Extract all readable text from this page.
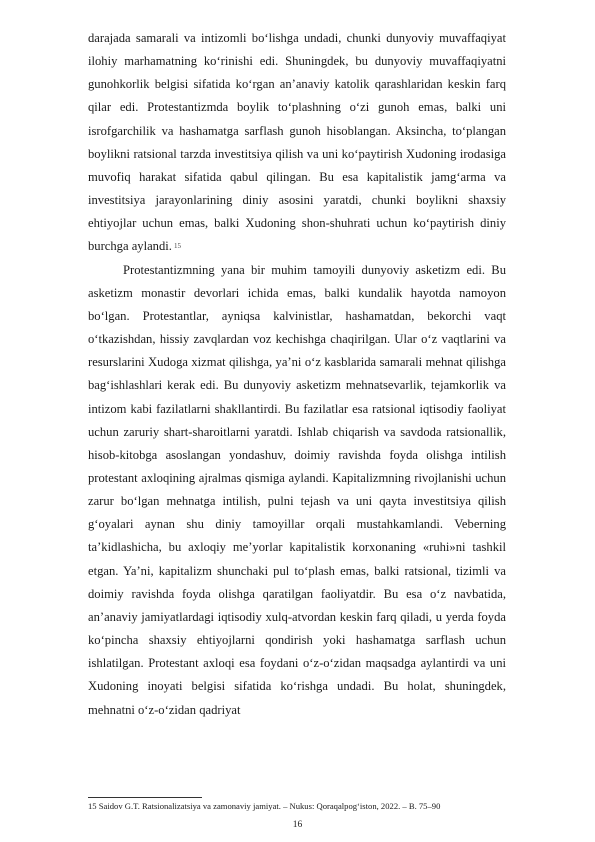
darajada samarali va intizomli bo‘lishga undadi, chunki dunyoviy muvaffaqiyat ilohiy marhamatning ko‘rinishi edi. Shuningdek, bu dunyoviy muvaffaqiyatni gunohkorlik belgisi sifatida ko‘rgan an’anaviy katolik qarashlaridan keskin farq qilar edi. Protestantizmda boylik to‘plashning o‘zi gunoh emas, balki uni isrofgarchilik va hashamatga sarflash gunoh hisoblangan. Aksincha, to‘plangan boylikni ratsional tarzda investitsiya qilish va uni ko‘paytirish Xudoning irodasiga muvofiq harakat sifatida qabul qilingan. Bu esa kapitalistik jamg‘arma va investitsiya jarayonlarining diniy asosini yaratdi, chunki boylikni shaxsiy ehtiyojlar uchun emas, balki Xudoning shon-shuhrati uchun ko‘paytirish diniy burchga aylandi. $^{15}$

Protestantizmning yana bir muhim tamoyili dunyoviy asketizm edi. Bu asketizm monastir devorlari ichida emas, balki kundalik hayotda namoyon bo‘lgan. Protestantlar, ayniqsa kalvinistlar, hashamatdan, bekorchi vaqt o‘tkazishdan, hissiy zavqlardan voz kechishga chaqirilgan. Ular o‘z vaqtlarini va resurslarini Xudoga xizmat qilishga, ya’ni o‘z kasblarida samarali mehnat qilishga bag‘ishlashlari kerak edi. Bu dunyoviy asketizm mehnatsevarlik, tejamkorlik va intizom kabi fazilatlarni shakllantirdi. Bu fazilatlar esa ratsional iqtisodiy faoliyat uchun zaruriy shart-sharoitlarni yaratdi. Ishlab chiqarish va savdoda ratsionallik, hisob-kitobga asoslangan yondashuv, doimiy ravishda foyda olishga intilish protestant axloqining ajralmas qismiga aylandi. Kapitalizmning rivojlanishi uchun zarur bo‘lgan mehnatga intilish, pulni tejash va uni qayta investitsiya qilish g‘oyalari aynan shu diniy tamoyillar orqali mustahkamlandi. Veberning ta’kidlashicha, bu axloqiy me’yorlar kapitalistik korxonaning «ruhi»ni tashkil etgan. Ya’ni, kapitalizm shunchaki pul to‘plash emas, balki ratsional, tizimli va doimiy ravishda foyda olishga qaratilgan faoliyatdir. Bu esa o‘z navbatida, an’anaviy jamiyatlardagi iqtisodiy xulq-atvordan keskin farq qiladi, u yerda foyda ko‘pincha shaxsiy ehtiyojlarni qondirish yoki hashamatga sarflash uchun ishlatilgan. Protestant axloqi esa foydani o‘z-o‘zidan maqsadga aylantirdi va uni Xudoning inoyati belgisi sifatida ko‘rishga undadi. Bu holat, shuningdek, mehnatni o‘z-o‘zidan qadriyat

15 Saidov G.T. Ratsionalizatsiya va zamonaviy jamiyat. – Nukus: Qoraqalpog‘iston, 2022. – B. 75–90
16
